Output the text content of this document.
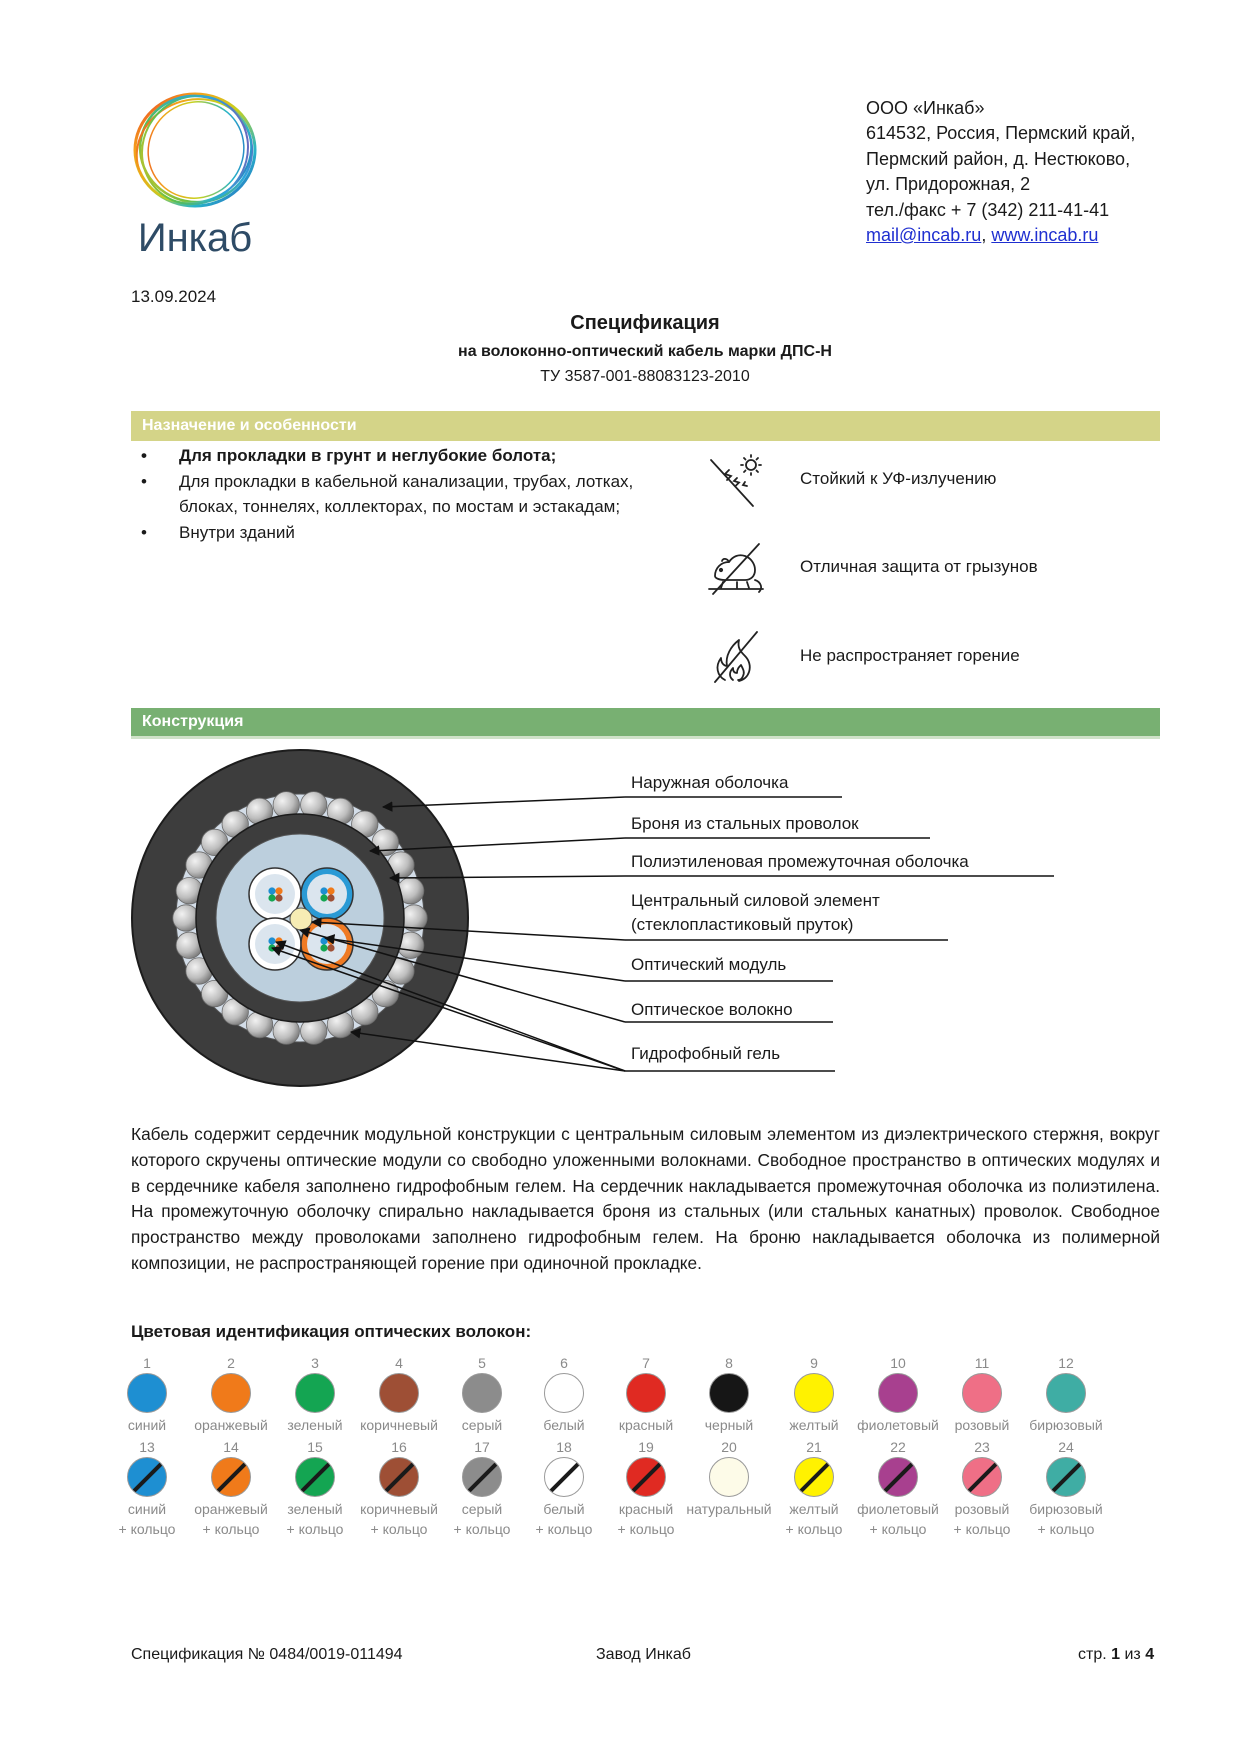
Инкаб
ООО «Инкаб»
614532, Россия, Пермский край,
Пермский район, д. Нестюково,
ул. Придорожная, 2
тел./факс + 7 (342) 211-41-41
mail@incab.ru, www.incab.ru
13.09.2024
Спецификация
на волоконно-оптический кабель марки ДПС-Н
ТУ 3587-001-88083123-2010
Назначение и особенности
• Для прокладки в грунт и неглубокие болота;
• Для прокладки в кабельной канализации, трубах, лотках, блоках, тоннелях, коллекторах, по мостам и эстакадам;
• Внутри зданий
Стойкий к УФ-излучению
Отличная защита от грызунов
Не распространяет горение
Конструкция
Наружная оболочка
Броня из стальных проволок
Полиэтиленовая промежуточная оболочка
Центральный силовой элемент
(стеклопластиковый пруток)
Оптический модуль
Оптическое волокно
Гидрофобный гель
Кабель содержит сердечник модульной конструкции с центральным силовым элементом из диэлектрического стержня, вокруг которого скручены оптические модули со свободно уложенными волокнами. Свободное пространство в оптических модулях и в сердечнике кабеля заполнено гидрофобным гелем. На сердечник накладывается промежуточная оболочка из полиэтилена. На промежуточную оболочку спирально накладывается броня из стальных (или стальных канатных) проволок. Свободное пространство между проволоками заполнено гидрофобным гелем. На броню накладывается оболочка из полимерной композиции, не распространяющей горение при одиночной прокладке.
Цветовая идентификация оптических волокон:
1
синий
2
оранжевый
3
зеленый
4
коричневый
5
серый
6
белый
7
красный
8
черный
9
желтый
10
фиолетовый
11
розовый
12
бирюзовый
13
синий
+ кольцо
14
оранжевый
+ кольцо
15
зеленый
+ кольцо
16
коричневый
+ кольцо
17
серый
+ кольцо
18
белый
+ кольцо
19
красный
+ кольцо
20
натуральный
21
желтый
+ кольцо
22
фиолетовый
+ кольцо
23
розовый
+ кольцо
24
бирюзовый
+ кольцо
Спецификация № 0484/0019-011494	Завод Инкаб	стр. 1 из 4
